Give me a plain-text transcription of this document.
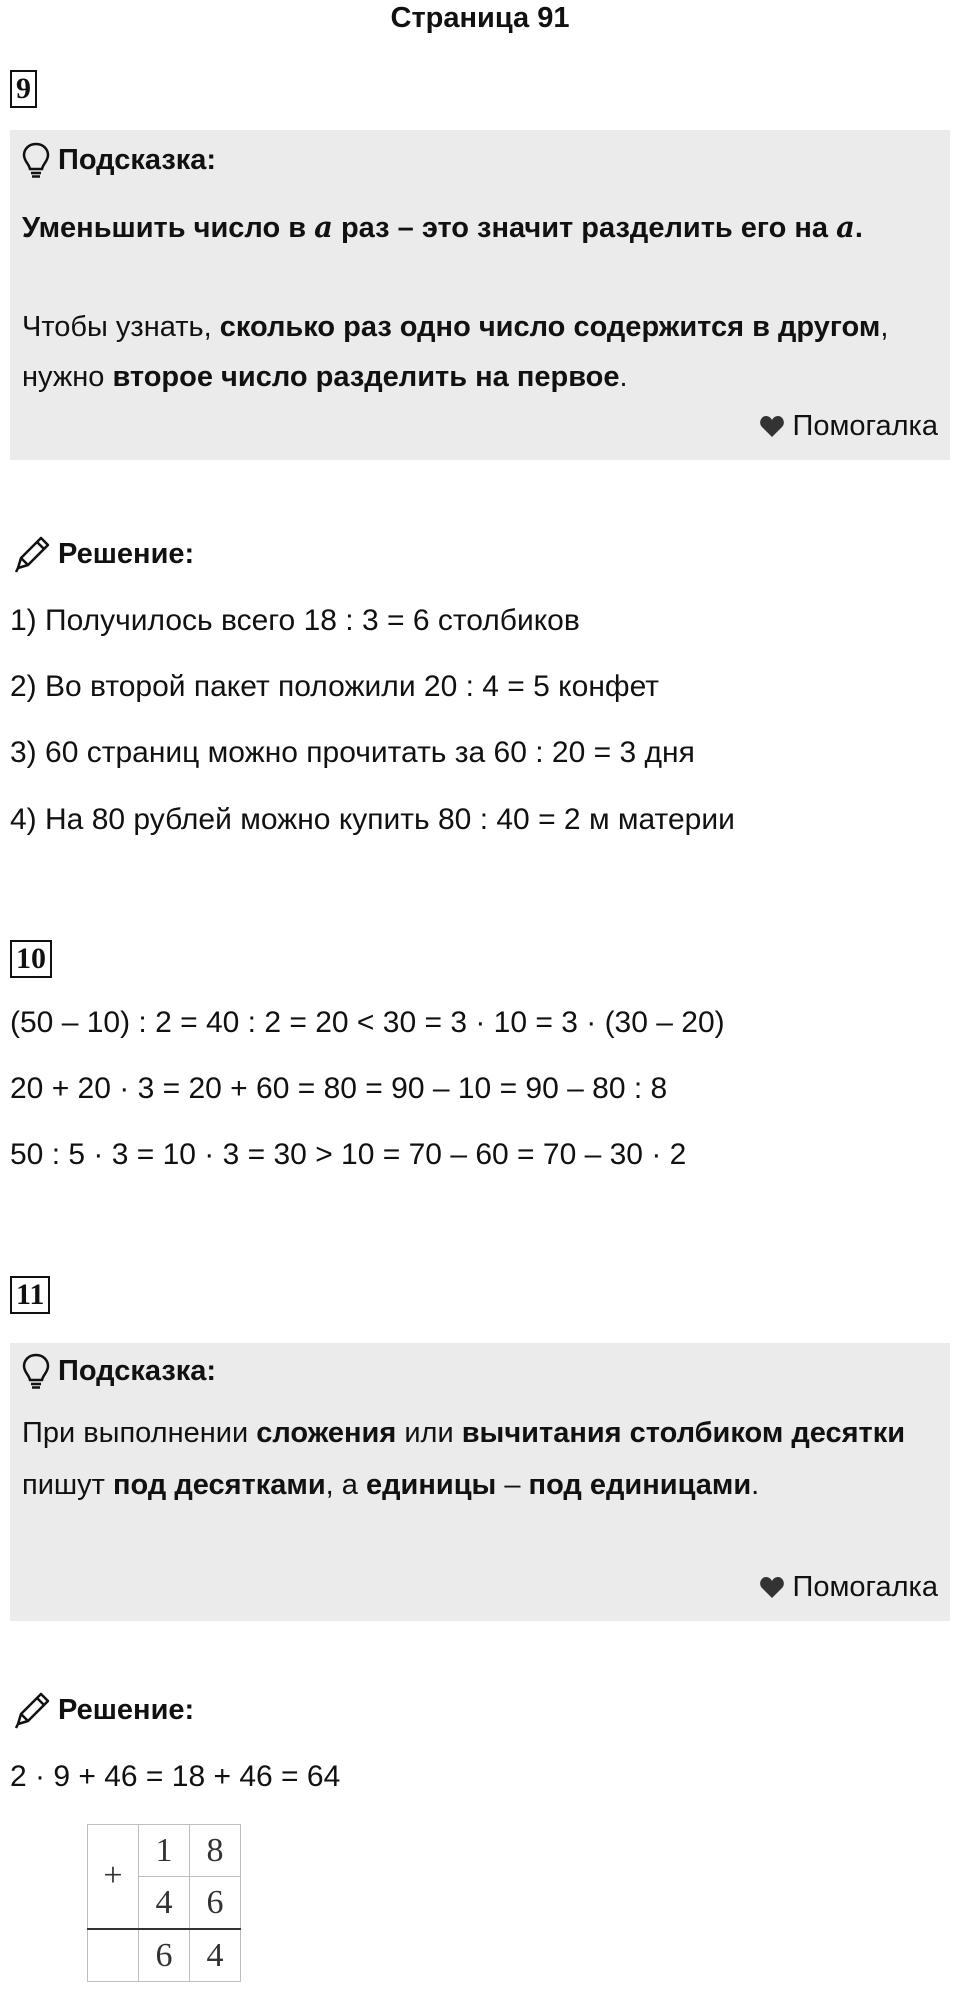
Страница 91
9
Подсказка:
Уменьшить число в a раз – это значит разделить его на a.
Чтобы узнать, сколько раз одно число содержится в другом, нужно второе число разделить на первое.
Помогалка
Решение:
1) Получилось всего 18 : 3 = 6 столбиков
2) Во второй пакет положили 20 : 4 = 5 конфет
3) 60 страниц можно прочитать за 60 : 20 = 3 дня
4) На 80 рублей можно купить 80 : 40 = 2 м материи
10
(50 – 10) : 2 = 40 : 2 = 20 < 30 = 3 · 10 = 3 · (30 – 20)
20 + 20 · 3 = 20 + 60 = 80 = 90 – 10 = 90 – 80 : 8
50 : 5 · 3 = 10 · 3 = 30 > 10 = 70 – 60 = 70 – 30 · 2
11
Подсказка:
При выполнении сложения или вычитания столбиком десятки пишут под десятками, а единицы – под единицами.
Помогалка
Решение:
2 · 9 + 46 = 18 + 46 = 64
	1	8
+	4	6
	6	4
